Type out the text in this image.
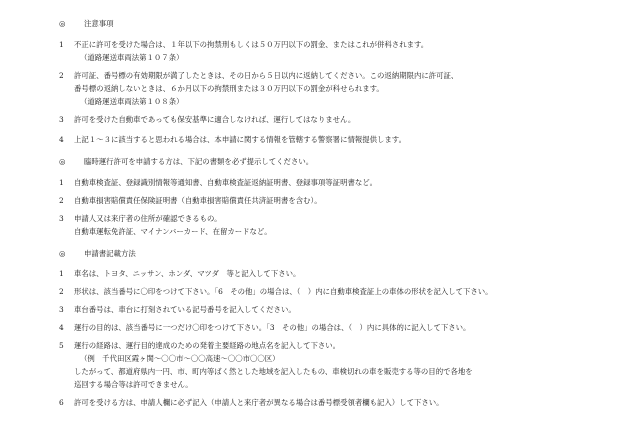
◎	注意事項
1 不正に許可を受けた場合は、１年以下の拘禁刑もしくは５０万円以下の罰金、またはこれが併科されます。
（道路運送車両法第１０７条）
2 許可証、番号標の有効期限が満了したときは、その日から５日以内に返納してください。この返納期限内に許可証、
番号標の返納しないときは、６か月以下の拘禁刑または３０万円以下の罰金が科せられます。
（道路運送車両法第１０８条）
3 許可を受けた自動車であっても保安基準に適合しなければ、運行してはなりません。
4 上記１～３に該当すると思われる場合は、本申請に関する情報を管轄する警察署に情報提供します。
◎	臨時運行許可を申請する方は、下記の書類を必ず提示してください。
1 自動車検査証、登録識別情報等通知書、自動車検査証返納証明書、登録事項等証明書など。
2 自動車損害賠償責任保険証明書（自動車損害賠償責任共済証明書を含む）。
3 申請人又は来庁者の住所が確認できるもの。
自動車運転免許証、マイナンバーカード、在留カードなど。
◎	申請書記載方法
1 車名は、トヨタ、ニッサン、ホンダ、マツダ　等と記入して下さい。
2 形状は、該当番号に〇印をつけて下さい。「6　その他」の場合は、（　）内に自動車検査証上の車体の形状を記入して下さい。
3 車台番号は、車台に打刻されている記号番号を記入してください。
4 運行の目的は、該当番号に一つだけ〇印をつけて下さい。「3　その他」の場合は、（　）内に具体的に記入して下さい。
5 運行の経路は、運行目的達成のための発着主要経路の地点名を記入して下さい。
（例　千代田区霞ヶ関～〇〇市～〇〇高速～〇〇市〇〇区）
したがって、都道府県内一円、市、町内等ばく然とした地域を記入したもの、車検切れの車を販売する等の目的で各地を
巡回する場合等は許可できません。
6 許可を受ける方は、申請人欄に必ず記入（申請人と来庁者が異なる場合は番号標受領者欄も記入）して下さい。
